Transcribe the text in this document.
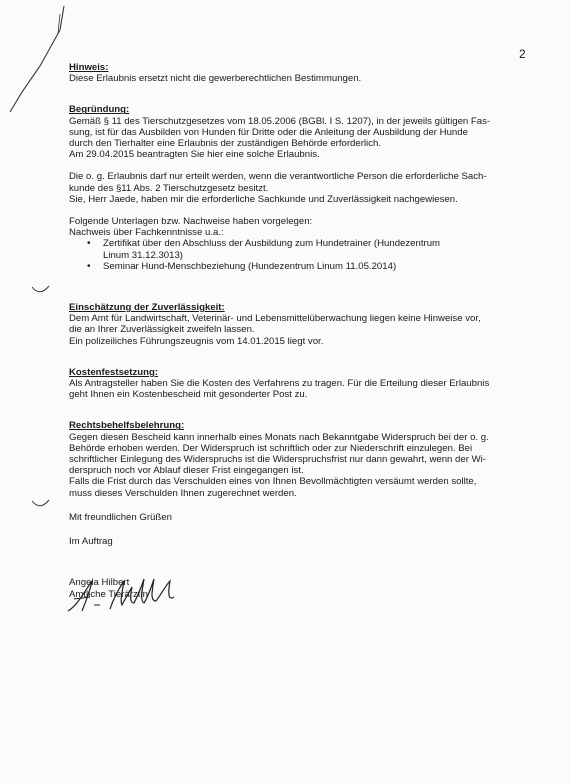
2
Hinweis:
Diese Erlaubnis ersetzt nicht die gewerberechtlichen Bestimmungen.
Begründung:
Gemäß § 11 des Tierschutzgesetzes vom 18.05.2006 (BGBl. I S. 1207), in der jeweils gültigen Fas-
sung, ist für das Ausbilden von Hunden für Dritte oder die Anleitung der Ausbildung der Hunde
durch den Tierhalter eine Erlaubnis der zuständigen Behörde erforderlich.
Am 29.04.2015 beantragten Sie hier eine solche Erlaubnis.
Die o. g. Erlaubnis darf nur erteilt werden, wenn die verantwortliche Person die erforderliche Sach-
kunde des §11 Abs. 2 Tierschutzgesetz besitzt.
Sie, Herr Jaede, haben mir die erforderliche Sachkunde und Zuverlässigkeit nachgewiesen.
Folgende Unterlagen bzw. Nachweise haben vorgelegen:
Nachweis über Fachkenntnisse u.a.:
• Zertifikat über den Abschluss der Ausbildung zum Hundetrainer (Hundezentrum
Linum 31.12.3013)
• Seminar Hund-Menschbeziehung (Hundezentrum Linum 11.05.2014)
Einschätzung der Zuverlässigkeit:
Dem Amt für Landwirtschaft, Veterinär- und Lebensmittelüberwachung liegen keine Hinweise vor,
die an Ihrer Zuverlässigkeit zweifeln lassen.
Ein polizeiliches Führungszeugnis vom 14.01.2015 liegt vor.
Kostenfestsetzung:
Als Antragsteller haben Sie die Kosten des Verfahrens zu tragen. Für die Erteilung dieser Erlaubnis
geht Ihnen ein Kostenbescheid mit gesonderter Post zu.
Rechtsbehelfsbelehrung:
Gegen diesen Bescheid kann innerhalb eines Monats nach Bekanntgabe Widerspruch bei der o. g.
Behörde erhoben werden. Der Widerspruch ist schriftlich oder zur Niederschrift einzulegen. Bei
schriftlicher Einlegung des Widerspruchs ist die Widerspruchsfrist nur dann gewahrt, wenn der Wi-
derspruch noch vor Ablauf dieser Frist eingegangen ist.
Falls die Frist durch das Verschulden eines von Ihnen Bevollmächtigten versäumt werden sollte,
muss dieses Verschulden Ihnen zugerechnet werden.
Mit freundlichen Grüßen
Im Auftrag
Angela Hilbert
Amtliche Tierärztin
